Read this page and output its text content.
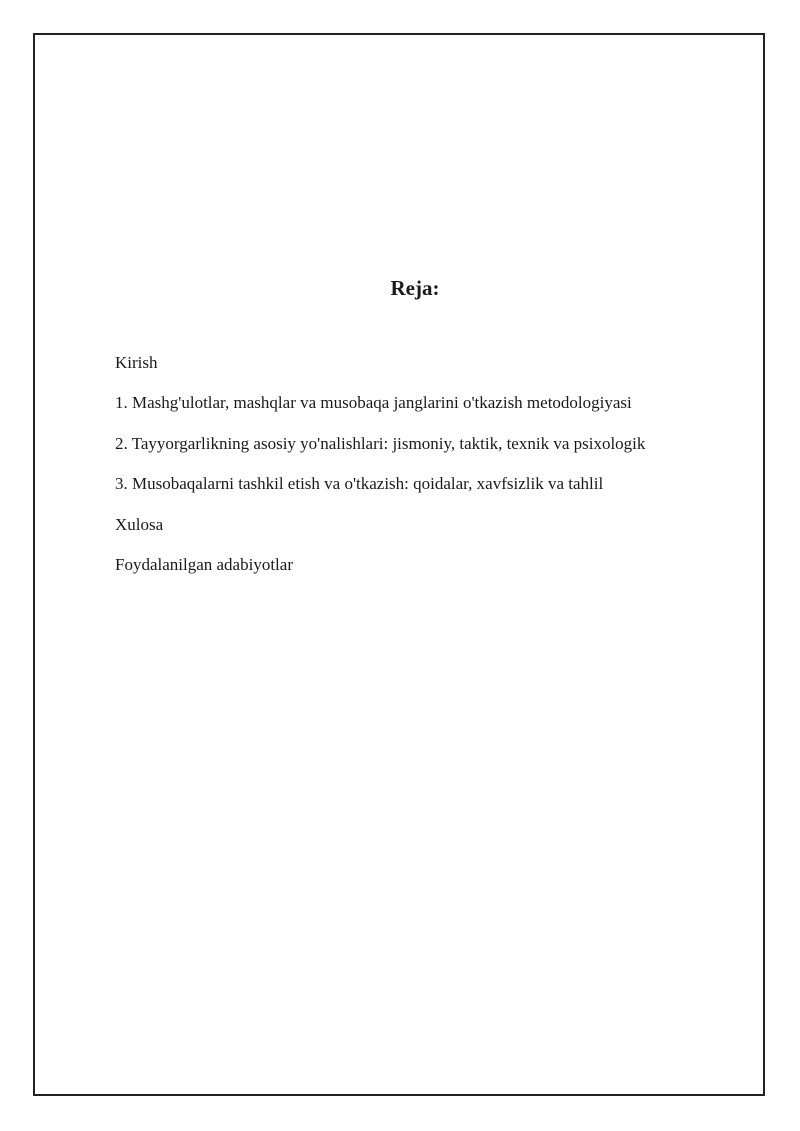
Reja:
Kirish
1. Mashg'ulotlar, mashqlar va musobaqa janglarini o'tkazish metodologiyasi
2. Tayyorgarlikning asosiy yo'nalishlari: jismoniy, taktik, texnik va psixologik
3. Musobaqalarni tashkil etish va o'tkazish: qoidalar, xavfsizlik va tahlil
Xulosa
Foydalanilgan adabiyotlar
